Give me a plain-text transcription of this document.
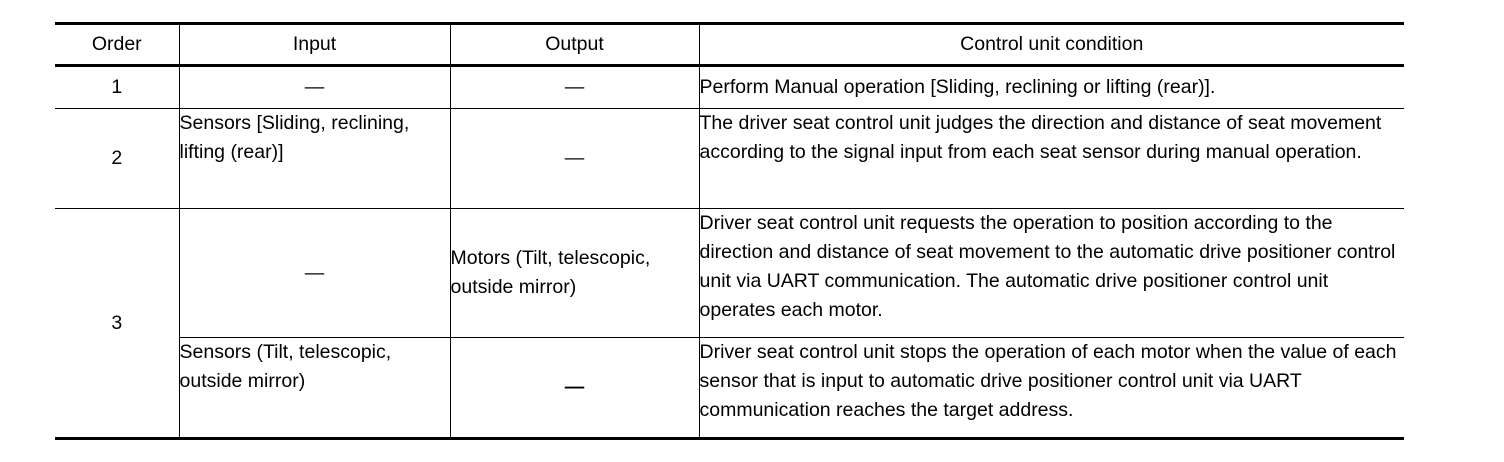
Order	Input	Output	Control unit condition
1	—	—	Perform Manual operation [Sliding, reclining or lifting (rear)].
2	Sensors [Sliding, reclining, lifting (rear)]	—	The driver seat control unit judges the direction and distance of seat movement according to the signal input from each seat sensor during manual operation.
3	—	Motors (Tilt, telescopic, outside mirror)	Driver seat control unit requests the operation to position according to the direction and distance of seat movement to the automatic drive positioner control unit via UART communication. The automatic drive positioner control unit operates each motor.
	Sensors (Tilt, telescopic, outside mirror)	—	Driver seat control unit stops the operation of each motor when the value of each sensor that is input to automatic drive positioner control unit via UART communication reaches the target address.
